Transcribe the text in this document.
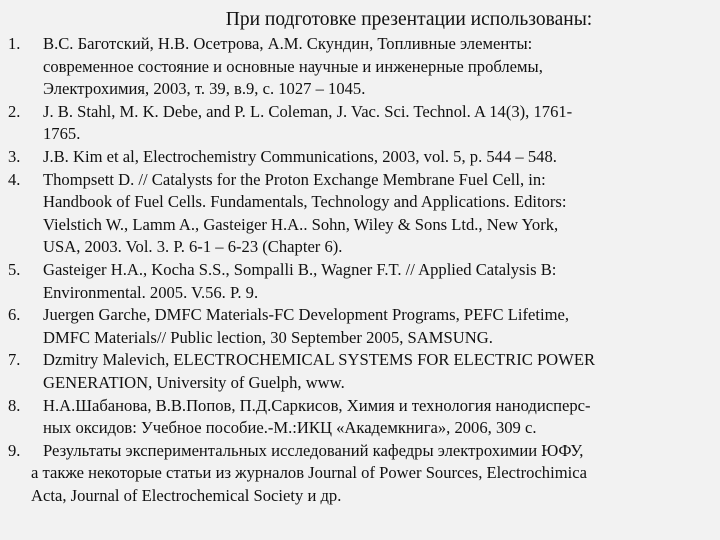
При подготовке презентации использованы:
1. В.С. Баготский, Н.В. Осетрова, А.М. Скундин, Топливные элементы:
современное состояние и основные научные и инженерные проблемы,
Электрохимия, 2003, т. 39, в.9, с. 1027 – 1045.
2. J. B. Stahl, M. K. Debe, and P. L. Coleman, J. Vac. Sci. Technol. A 14(3), 1761-
1765.
3. J.B. Kim et al, Electrochemistry Communications, 2003, vol. 5, p. 544 – 548.
4. Thompsett D. // Catalysts for the Proton Exchange Membrane Fuel Cell, in:
Handbook of Fuel Cells. Fundamentals, Technology and Applications. Editors:
Vielstich W., Lamm A., Gasteiger H.A.. Sohn, Wiley & Sons Ltd., New York,
USA, 2003. Vol. 3. P. 6-1 – 6-23 (Chapter 6).
5. Gasteiger H.A., Kocha S.S., Sompalli B., Wagner F.T. // Applied Catalysis B:
Environmental. 2005. V.56. P. 9.
6. Juergen Garche, DMFC Materials-FC Development Programs, PEFC Lifetime,
DMFC Materials// Public lection, 30 September 2005, SAMSUNG.
7. Dzmitry Malevich, ELECTROCHEMICAL SYSTEMS FOR ELECTRIC POWER
GENERATION, University of Guelph, www.
8. Н.А.Шабанова, В.В.Попов, П.Д.Саркисов, Химия и технология нанодисперс-
ных оксидов: Учебное пособие.-М.:ИКЦ «Академкнига», 2006, 309 с.
9. Результаты экспериментальных исследований кафедры электрохимии ЮФУ,
а также некоторые статьи из журналов Journal of Power Sources, Electrochimica
Acta, Journal of Electrochemical Society и др.
